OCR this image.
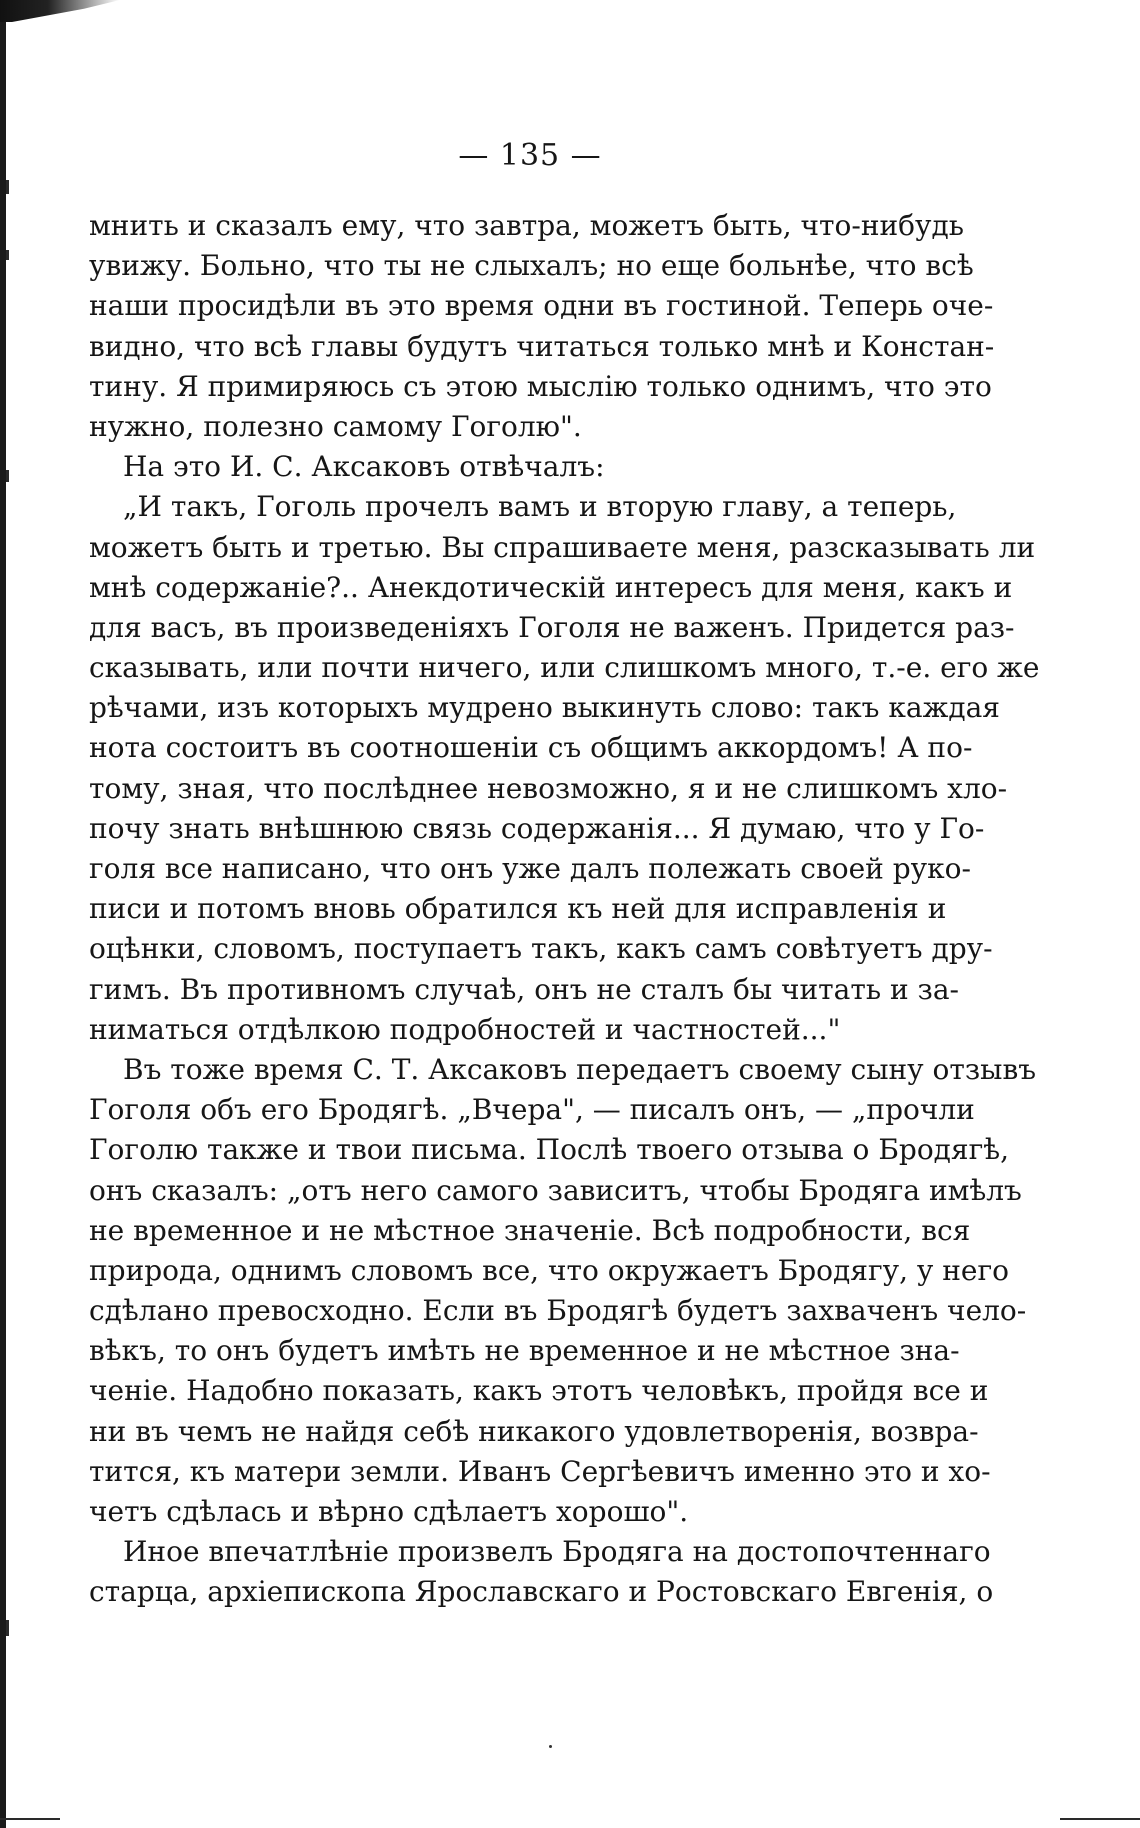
— 135 —
мнить и сказалъ ему, что завтра, можетъ быть, что-нибудь
увижу. Больно, что ты не слыхалъ; но еще больнѣе, что всѣ
наши просидѣли въ это время одни въ гостиной. Теперь оче-
видно, что всѣ главы будутъ читаться только мнѣ и Констан-
тину. Я примиряюсь съ этою мыслію только однимъ, что это
нужно, полезно самому Гоголю".
На это И. С. Аксаковъ отвѣчалъ:
„И такъ, Гоголь прочелъ вамъ и вторую главу, а теперь,
можетъ быть и третью. Вы спрашиваете меня, разсказывать ли
мнѣ содержаніе?.. Анекдотическій интересъ для меня, какъ и
для васъ, въ произведеніяхъ Гоголя не важенъ. Придется раз-
сказывать, или почти ничего, или слишкомъ много, т.-е. его же
рѣчами, изъ которыхъ мудрено выкинуть слово: такъ каждая
нота состоитъ въ соотношеніи съ общимъ аккордомъ! А по-
тому, зная, что послѣднее невозможно, я и не слишкомъ хло-
почу знать внѣшнюю связь содержанія... Я думаю, что у Го-
голя все написано, что онъ уже далъ полежать своей руко-
писи и потомъ вновь обратился къ ней для исправленія и
оцѣнки, словомъ, поступаетъ такъ, какъ самъ совѣтуетъ дру-
гимъ. Въ противномъ случаѣ, онъ не сталъ бы читать и за-
ниматься отдѣлкою подробностей и частностей..."
Въ тоже время С. Т. Аксаковъ передаетъ своему сыну отзывъ
Гоголя объ его Бродягѣ. „Вчера", — писалъ онъ, — „прочли
Гоголю также и твои письма. Послѣ твоего отзыва о Бродягѣ,
онъ сказалъ: „отъ него самого зависитъ, чтобы Бродяга имѣлъ
не временное и не мѣстное значеніе. Всѣ подробности, вся
природа, однимъ словомъ все, что окружаетъ Бродягу, у него
сдѣлано превосходно. Если въ Бродягѣ будетъ захваченъ чело-
вѣкъ, то онъ будетъ имѣть не временное и не мѣстное зна-
ченіе. Надобно показать, какъ этотъ человѣкъ, пройдя все и
ни въ чемъ не найдя себѣ никакого удовлетворенія, возвра-
тится, къ матери земли. Иванъ Сергѣевичъ именно это и хо-
четъ сдѣлась и вѣрно сдѣлаетъ хорошо".
Иное впечатлѣніе произвелъ Бродяга на достопочтеннаго
старца, архіепископа Ярославскаго и Ростовскаго Евгенія, о
